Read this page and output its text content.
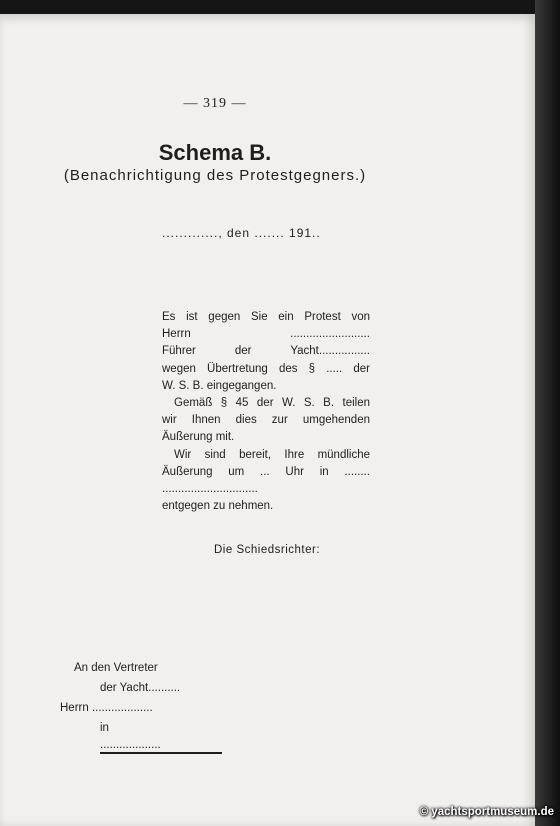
— 319 —
Schema B.
(Benachrichtigung des Protestgegners.)
............., den ....... 191..
Es ist gegen Sie ein Protest von
Herrn .........................
Führer der Yacht................
wegen Übertretung des § ..... der
W. S. B. eingegangen.
Gemäß § 45 der W. S. B. teilen
wir Ihnen dies zur umgehenden
Äußerung mit.
Wir sind bereit, Ihre mündliche
Äußerung um ... Uhr in ........
..............................
entgegen zu nehmen.
Die Schiedsrichter:
An den Vertreter
der Yacht..........
Herrn ...................
in
...................
© yachtsportmuseum.de
